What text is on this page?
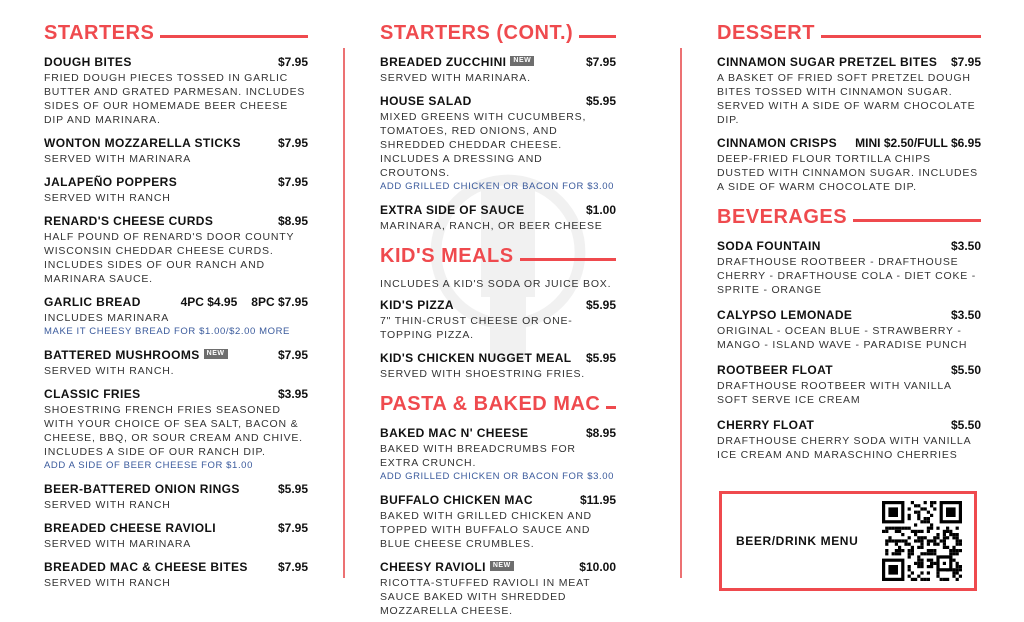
STARTERS
DOUGH BITES	$7.95
FRIED DOUGH PIECES TOSSED IN GARLIC BUTTER AND GRATED PARMESAN. INCLUDES SIDES OF OUR HOMEMADE BEER CHEESE DIP AND MARINARA.
WONTON MOZZARELLA STICKS	$7.95
SERVED WITH MARINARA
JALAPEÑO POPPERS	$7.95
SERVED WITH RANCH
RENARD'S CHEESE CURDS	$8.95
HALF POUND OF RENARD'S DOOR COUNTY WISCONSIN CHEDDAR CHEESE CURDS. INCLUDES SIDES OF OUR RANCH AND MARINARA SAUCE.
GARLIC BREAD	4PC $4.95	8PC $7.95
INCLUDES MARINARA
MAKE IT CHEESY BREAD FOR $1.00/$2.00 MORE
BATTERED MUSHROOMS NEW	$7.95
SERVED WITH RANCH.
CLASSIC FRIES	$3.95
SHOESTRING FRENCH FRIES SEASONED WITH YOUR CHOICE OF SEA SALT, BACON & CHEESE, BBQ, OR SOUR CREAM AND CHIVE. INCLUDES A SIDE OF OUR RANCH DIP.
ADD A SIDE OF BEER CHEESE FOR $1.00
BEER-BATTERED ONION RINGS	$5.95
SERVED WITH RANCH
BREADED CHEESE RAVIOLI	$7.95
SERVED WITH MARINARA
BREADED MAC & CHEESE BITES	$7.95
SERVED WITH RANCH
STARTERS (CONT.)
BREADED ZUCCHINI NEW	$7.95
SERVED WITH MARINARA.
HOUSE SALAD	$5.95
MIXED GREENS WITH CUCUMBERS, TOMATOES, RED ONIONS, AND SHREDDED CHEDDAR CHEESE. INCLUDES A DRESSING AND CROUTONS.
ADD GRILLED CHICKEN OR BACON FOR $3.00
EXTRA SIDE OF SAUCE	$1.00
MARINARA, RANCH, OR BEER CHEESE
KID'S MEALS
INCLUDES A KID'S SODA OR JUICE BOX.
KID'S PIZZA	$5.95
7" THIN-CRUST CHEESE OR ONE-TOPPING PIZZA.
KID'S CHICKEN NUGGET MEAL	$5.95
SERVED WITH SHOESTRING FRIES.
PASTA & BAKED MAC
BAKED MAC N' CHEESE	$8.95
BAKED WITH BREADCRUMBS FOR EXTRA CRUNCH.
ADD GRILLED CHICKEN OR BACON FOR $3.00
BUFFALO CHICKEN MAC	$11.95
BAKED WITH GRILLED CHICKEN AND TOPPED WITH BUFFALO SAUCE AND BLUE CHEESE CRUMBLES.
CHEESY RAVIOLI NEW	$10.00
RICOTTA-STUFFED RAVIOLI IN MEAT SAUCE BAKED WITH SHREDDED MOZZARELLA CHEESE.
DESSERT
CINNAMON SUGAR PRETZEL BITES	$7.95
A BASKET OF FRIED SOFT PRETZEL DOUGH BITES TOSSED WITH CINNAMON SUGAR. SERVED WITH A SIDE OF WARM CHOCOLATE DIP.
CINNAMON CRISPS	MINI $2.50/FULL $6.95
DEEP-FRIED FLOUR TORTILLA CHIPS DUSTED WITH CINNAMON SUGAR. INCLUDES A SIDE OF WARM CHOCOLATE DIP.
BEVERAGES
SODA FOUNTAIN	$3.50
DRAFTHOUSE ROOTBEER - DRAFTHOUSE CHERRY - DRAFTHOUSE COLA - DIET COKE - SPRITE - ORANGE
CALYPSO LEMONADE	$3.50
ORIGINAL - OCEAN BLUE - STRAWBERRY - MANGO - ISLAND WAVE - PARADISE PUNCH
ROOTBEER FLOAT	$5.50
DRAFTHOUSE ROOTBEER WITH VANILLA SOFT SERVE ICE CREAM
CHERRY FLOAT	$5.50
DRAFTHOUSE CHERRY SODA WITH VANILLA ICE CREAM AND MARASCHINO CHERRIES
BEER/DRINK MENU
